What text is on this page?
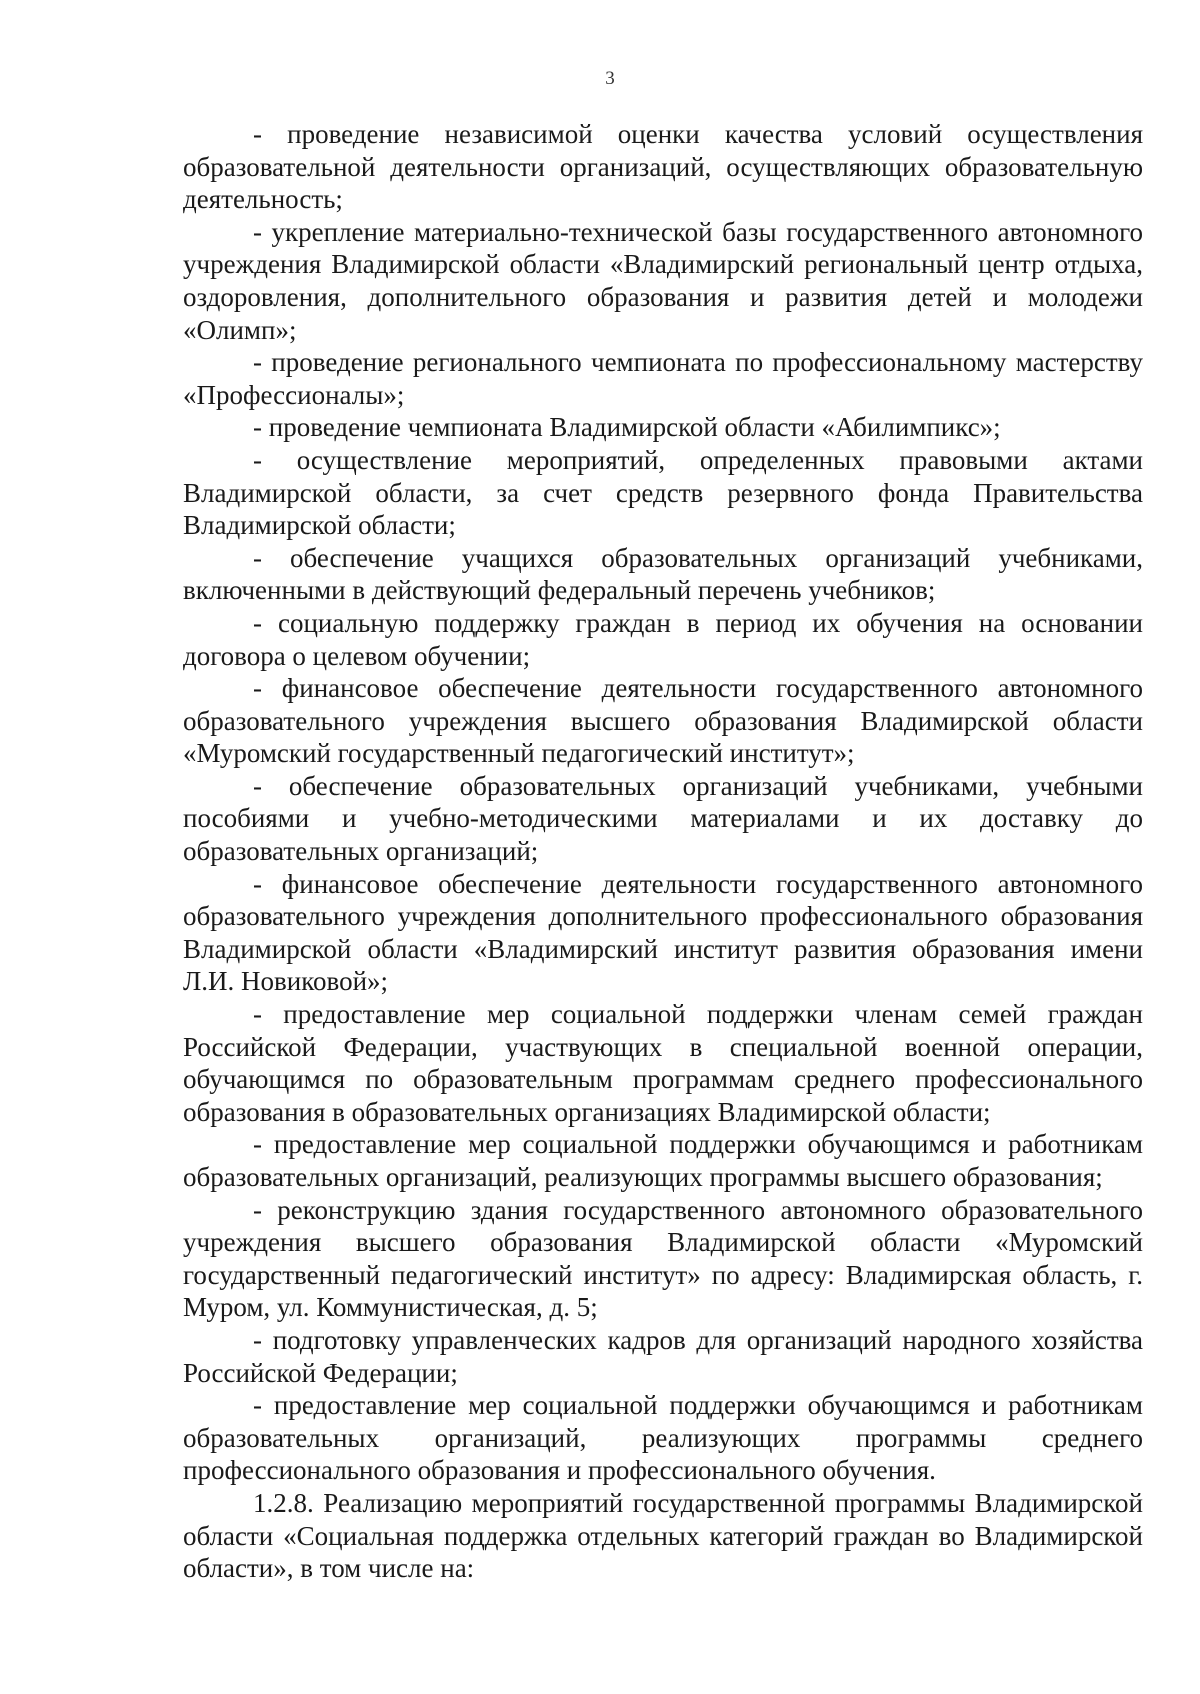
3

- проведение независимой оценки качества условий осуществления образовательной деятельности организаций, осуществляющих образовательную деятельность;

- укрепление материально-технической базы государственного автономного учреждения Владимирской области «Владимирский региональный центр отдыха, оздоровления, дополнительного образования и развития детей и молодежи «Олимп»;

- проведение регионального чемпионата по профессиональному мастерству «Профессионалы»;

- проведение чемпионата Владимирской области «Абилимпикс»;

- осуществление мероприятий, определенных правовыми актами Владимирской области, за счет средств резервного фонда Правительства Владимирской области;

- обеспечение учащихся образовательных организаций учебниками, включенными в действующий федеральный перечень учебников;

- социальную поддержку граждан в период их обучения на основании договора о целевом обучении;

- финансовое обеспечение деятельности государственного автономного образовательного учреждения высшего образования Владимирской области «Муромский государственный педагогический институт»;

- обеспечение образовательных организаций учебниками, учебными пособиями и учебно-методическими материалами и их доставку до образовательных организаций;

- финансовое обеспечение деятельности государственного автономного образовательного учреждения дополнительного профессионального образования Владимирской области «Владимирский институт развития образования имени Л.И. Новиковой»;

- предоставление мер социальной поддержки членам семей граждан Российской Федерации, участвующих в специальной военной операции, обучающимся по образовательным программам среднего профессионального образования в образовательных организациях Владимирской области;

- предоставление мер социальной поддержки обучающимся и работникам образовательных организаций, реализующих программы высшего образования;

- реконструкцию здания государственного автономного образовательного учреждения высшего образования Владимирской области «Муромский государственный педагогический институт» по адресу: Владимирская область, г. Муром, ул. Коммунистическая, д. 5;

- подготовку управленческих кадров для организаций народного хозяйства Российской Федерации;

- предоставление мер социальной поддержки обучающимся и работникам образовательных организаций, реализующих программы среднего профессионального образования и профессионального обучения.

1.2.8. Реализацию мероприятий государственной программы Владимирской области «Социальная поддержка отдельных категорий граждан во Владимирской области», в том числе на:
